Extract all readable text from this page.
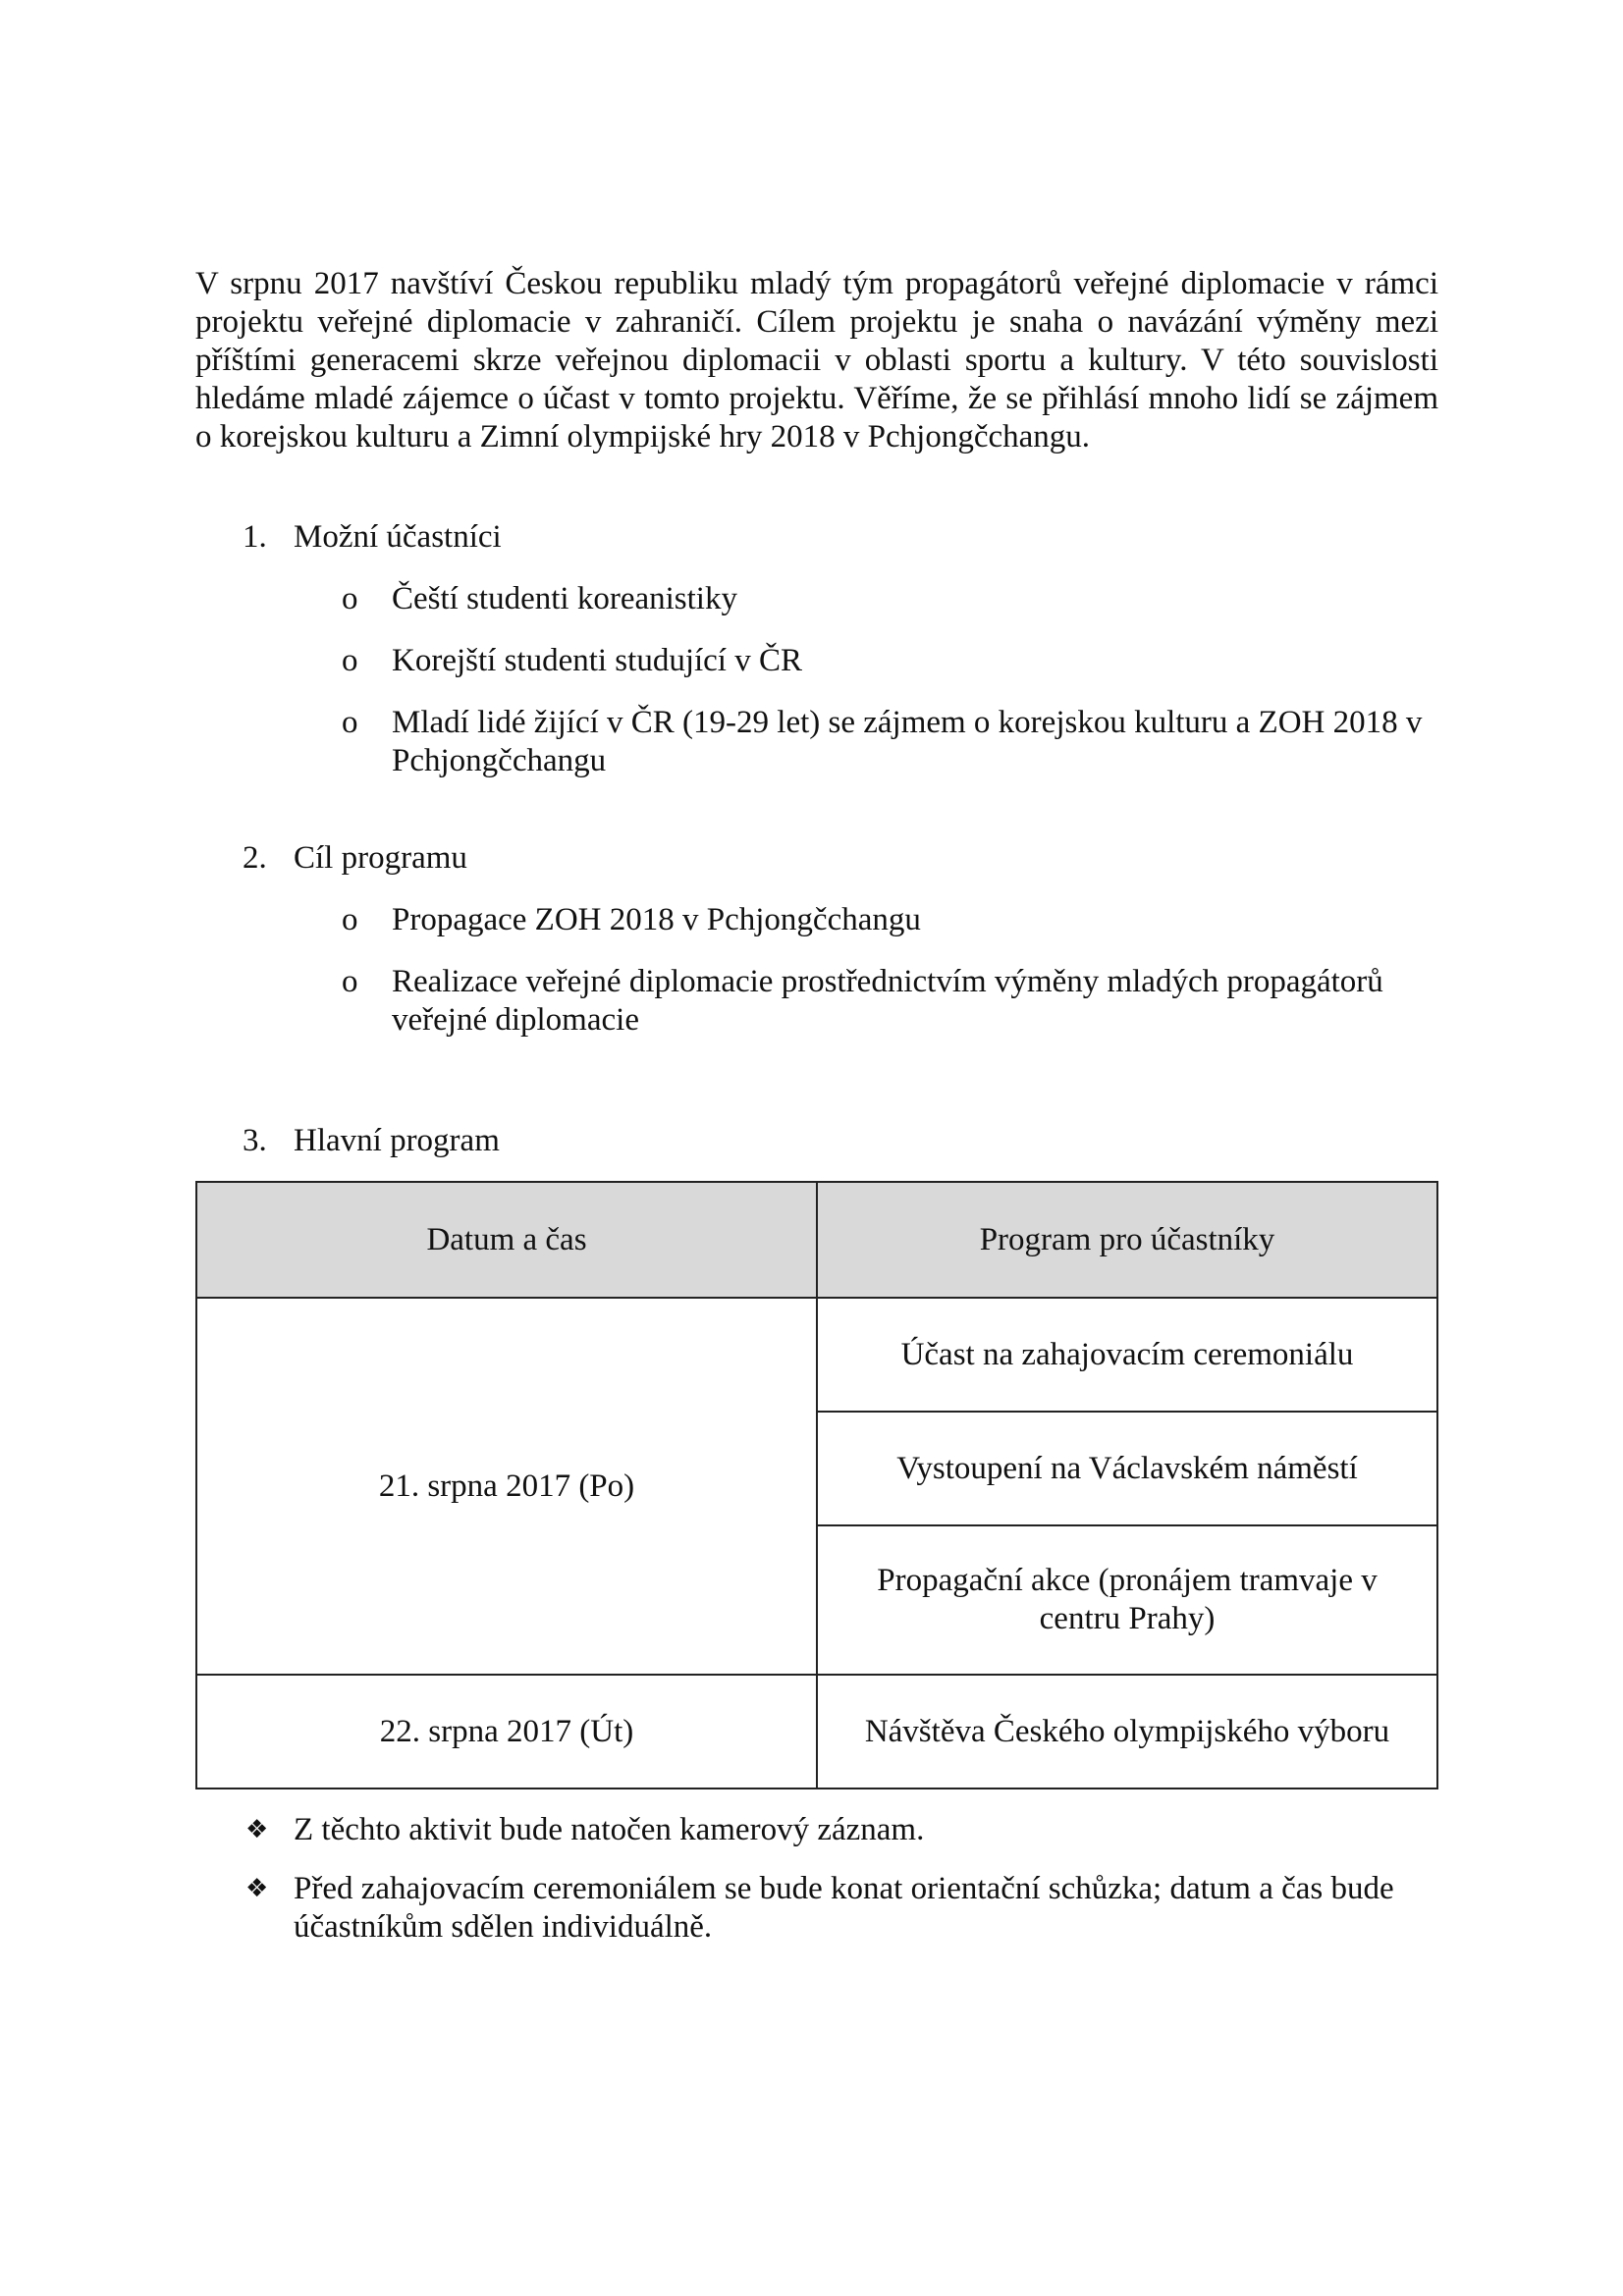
V srpnu 2017 navštíví Českou republiku mladý tým propagátorů veřejné diplomacie v rámci projektu veřejné diplomacie v zahraničí. Cílem projektu je snaha o navázání výměny mezi příštími generacemi skrze veřejnou diplomacii v oblasti sportu a kultury. V této souvislosti hledáme mladé zájemce o účast v tomto projektu. Věříme, že se přihlásí mnoho lidí se zájmem o korejskou kulturu a Zimní olympijské hry 2018 v Pchjongčchangu.

1. Možní účastníci
o Čeští studenti koreanistiky
o Korejští studenti studující v ČR
o Mladí lidé žijící v ČR (19-29 let) se zájmem o korejskou kulturu a ZOH 2018 v Pchjongčchangu
2. Cíl programu
o Propagace ZOH 2018 v Pchjongčchangu
o Realizace veřejné diplomacie prostřednictvím výměny mladých propagátorů veřejné diplomacie
3. Hlavní program
Datum a čas	Program pro účastníky
21. srpna 2017 (Po)	Účast na zahajovacím ceremoniálu
	Vystoupení na Václavském náměstí
	Propagační akce (pronájem tramvaje v centru Prahy)
22. srpna 2017 (Út)	Návštěva Českého olympijského výboru
❖ Z těchto aktivit bude natočen kamerový záznam.
❖ Před zahajovacím ceremoniálem se bude konat orientační schůzka; datum a čas bude účastníkům sdělen individuálně.
